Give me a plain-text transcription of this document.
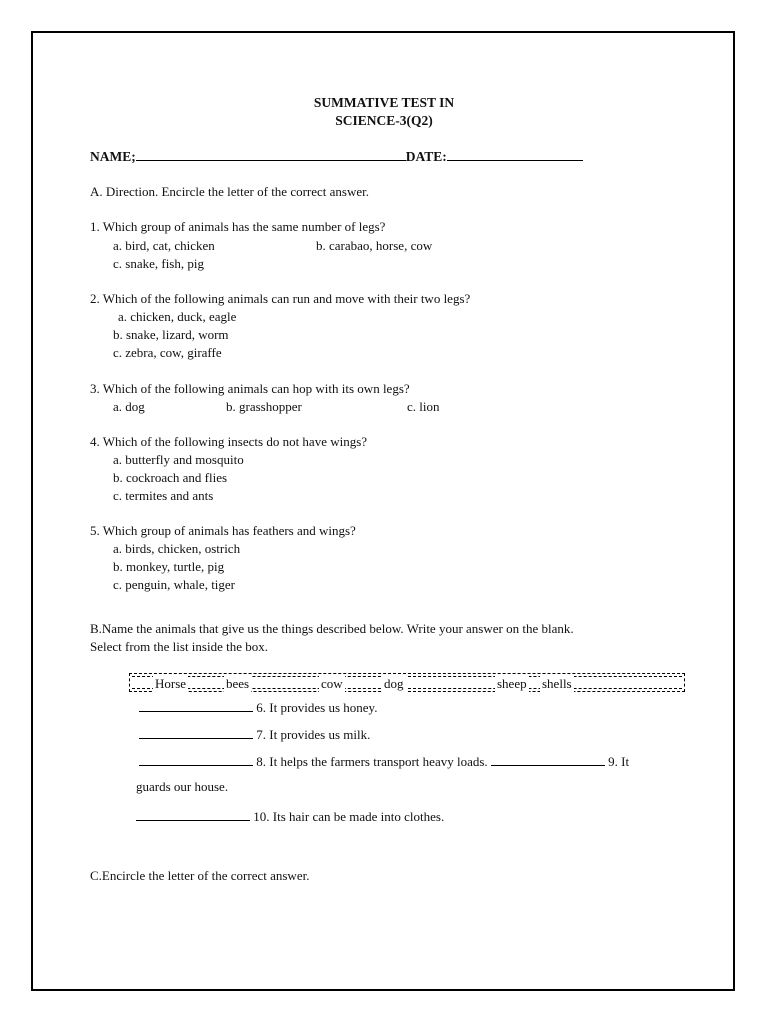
SUMMATIVE TEST IN
SCIENCE-3(Q2)
NAME;	DATE:
A. Direction. Encircle the letter of the correct answer.
1. Which group of animals has the same number of legs?
a. bird, cat, chicken	b. carabao, horse, cow
c. snake, fish, pig
2. Which of the following animals can run and move with their two legs?
a. chicken, duck, eagle
b. snake, lizard, worm
c. zebra, cow, giraffe
3. Which of the following animals can hop with its own legs?
a. dog	b. grasshopper	c. lion
4. Which of the following insects do not have wings?
a. butterfly and mosquito
b. cockroach and flies
c. termites and ants
5. Which group of animals has feathers and wings?
a. birds, chicken, ostrich
b. monkey, turtle, pig
c. penguin, whale, tiger
B.Name the animals that give us the things described below. Write your answer on the blank.
Select from the list inside the box.
Horse	bees	cow	dog	sheep shells
6. It provides us honey.
7. It provides us milk.
8. It helps the farmers transport heavy loads.	9. It
guards our house.
10. Its hair can be made into clothes.
C.Encircle the letter of the correct answer.
